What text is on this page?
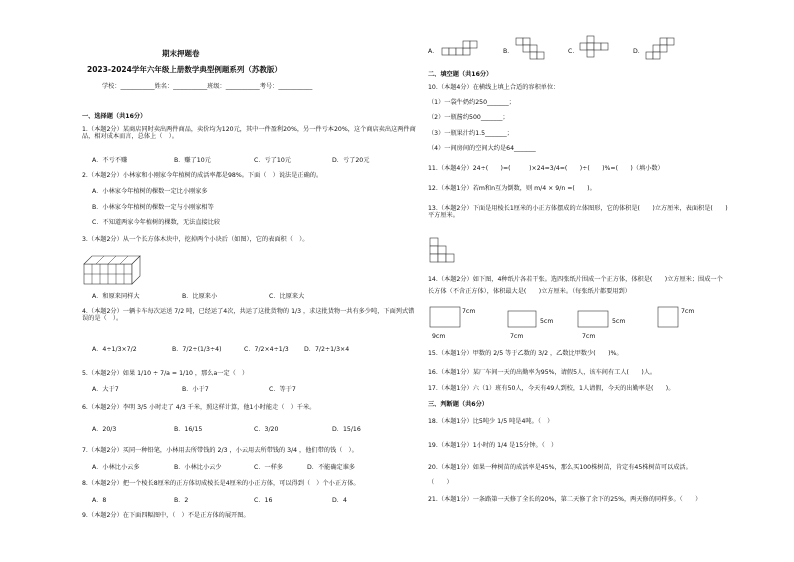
期末押题卷
2023-2024学年六年级上册数学典型例题系列（苏教版）
学校：___________姓名：___________班级：___________考号：___________
一、选择题（共16分）
1.（本题2分）某商店同时卖出两件商品，卖价均为120元，其中一件盈利20%，另一件亏本20%，这个商店卖出这两件商品，相对成本而言，总体上（　）。
A．不亏不赚	B．赚了10元	C．亏了10元	D．亏了20元
2.（本题2分）小林家和小刚家今年植树的成活率都是98%。下面（　）说法是正确的。
A．小林家今年植树的棵数一定比小刚家多
B．小林家今年植树的棵数一定与小刚家相等
C．不知道两家今年植树的棵数，无法直接比较
3.（本题2分）从一个长方体木块中，挖掉两个小块后（如图），它的表面积（　）。
A．和原来同样大	B．比原来小	C．比原来大
4.（本题2分）一辆卡车每次运送 7/2 吨，已经运了4次，共运了这批货物的 1/3 ，求这批货物一共有多少吨，下面列式错误的是（　）。
A．4÷1/3×7/2	B．7/2÷(1/3÷4)	C．7/2×4÷1/3 D．7/2÷1/3×4
5.（本题2分）如果 1/10 ÷ 7/a = 1/10 ，那么a一定（　）
A．大于7	B．小于7	C．等于7
6.（本题2分）李明 3/5 小时走了 4/3 千米，照这样计算，他1小时能走（　）千米。
A．20/3	B．16/15	C．3/20	D．15/16
7.（本题2分）买同一种铅笔，小林用去所带钱的 2/3 ，小云用去所带钱的 3/4 ，他们带的钱（　）。
A．小林比小云多	B．小林比小云少	C．一样多	D．不能确定谁多
8.（本题2分）把一个棱长8厘米的正方体切成棱长是4厘米的小正方体，可以得到（　）个小正方体。
A．8	B．2	C．16	D．4
9.（本题2分）在下面四幅图中，（　）不是正方体的展开图。
A．	B．	C．	D．
二、填空题（共16分）
10.（本题4分）在横线上填上合适的容积单位：
（1）一袋牛奶约250_______；
（2）一瓶酱约500_______；
（3）一瓶果汁约1.5_______；
（4）一间房间的空间大约是64_______
11.（本题4分）24÷(　　)=(　　　)×24=3/4=(　　)÷(　　)%=(　　)（填小数）
12.（本题1分）若m和n互为倒数，则 m/4 × 9/n =(　　)。
13.（本题2分）下面是用棱长1厘米的小正方体摆成的立体图形，它的体积是(　　)立方厘米，表面积是(　　)平方厘米。
14.（本题2分）如下图，4种纸片各若干张。选四张纸片围成一个正方体，体积是(　　)立方厘米；围成一个长方体（不含正方体），体积最大是(　　)立方厘米。（每张纸片都要用到）
9cm
7cm
5cm
7cm
5cm
7cm
7cm
15.（本题1分）甲数的 2/5 等于乙数的 3/2 ，乙数比甲数少(　　)%。
16.（本题1分）某厂车间一天的出勤率为95%，请假5人，该车间有工人(　　)人。
17.（本题1分）六（1）班有50人，今天有49人到校，1人请假，今天的出勤率是(　　)。
三、判断题（共6分）
18.（本题1分）比5吨少 1/5 吨是4吨。（　）
19.（本题1分）1小时的 1/4 是15分钟。（　）
20.（本题1分）如果一种树苗的成活率是45%，那么买100株树苗，肯定有45株树苗可以成活。
（　　）
21.（本题1分）一条路第一天修了全长的20%，第二天修了余下的25%，两天修的同样多。（　　）
